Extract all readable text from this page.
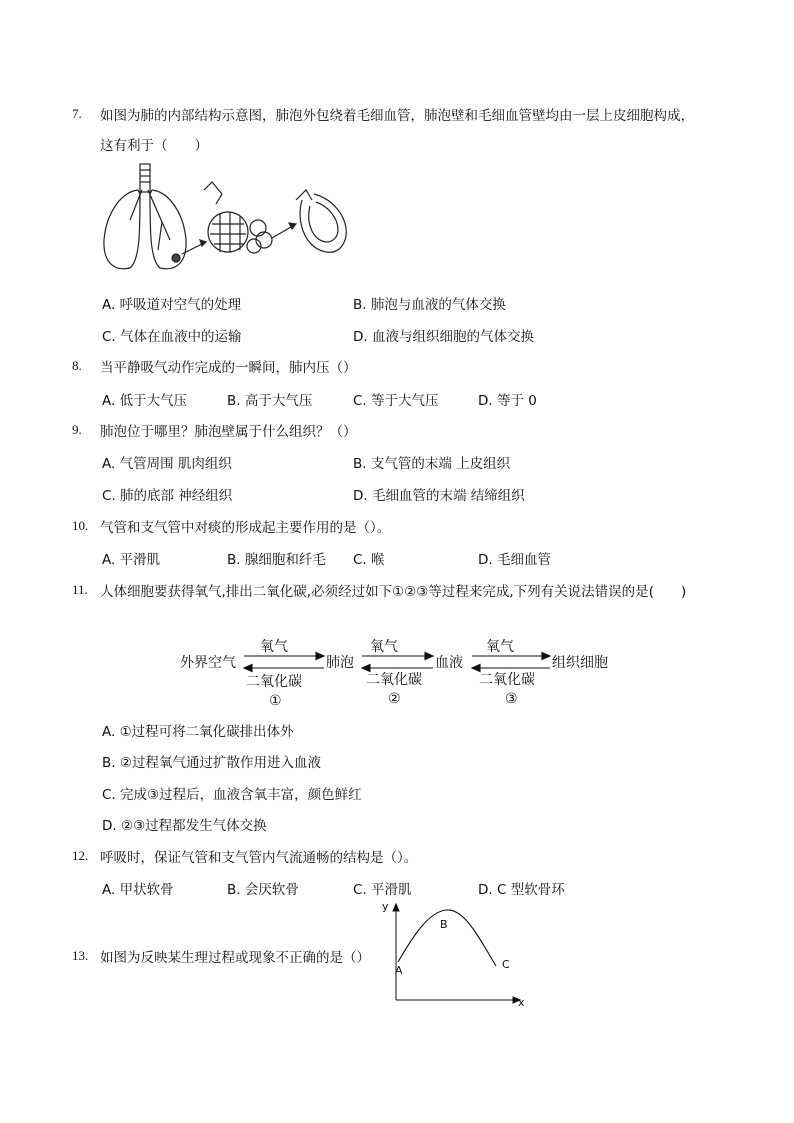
7. 如图为肺的内部结构示意图，肺泡外包绕着毛细血管，肺泡壁和毛细血管壁均由一层上皮细胞构成，
这有利于（　　）
A. 呼吸道对空气的处理	B. 肺泡与血液的气体交换
C. 气体在血液中的运输	D. 血液与组织细胞的气体交换
8. 当平静吸气动作完成的一瞬间，肺内压（）
A. 低于大气压	B. 高于大气压	C. 等于大气压	D. 等于 0
9. 肺泡位于哪里？肺泡壁属于什么组织？（）
A. 气管周围 肌肉组织	B. 支气管的末端 上皮组织
C. 肺的底部 神经组织	D. 毛细血管的末端 结缔组织
10. 气管和支气管中对痰的形成起主要作用的是（）。
A. 平滑肌	B. 腺细胞和纤毛 C. 喉	D. 毛细血管
11. 人体细胞要获得氧气,排出二氧化碳,必须经过如下①②③等过程来完成,下列有关说法错误的是(　　)
外界空气	肺泡	血液	组织细胞
氧气	氧气	氧气
二氧化碳	二氧化碳	二氧化碳
①	②	③
A. ①过程可将二氧化碳排出体外
B. ②过程氧气通过扩散作用进入血液
C. 完成③过程后，血液含氧丰富，颜色鲜红
D. ②③过程都发生气体交换
12. 呼吸时，保证气管和支气管内气流通畅的结构是（）。
A. 甲状软骨	B. 会厌软骨	C. 平滑肌	D. C 型软骨环
13. 如图为反映某生理过程或现象不正确的是（）
y
x
A
B
C
